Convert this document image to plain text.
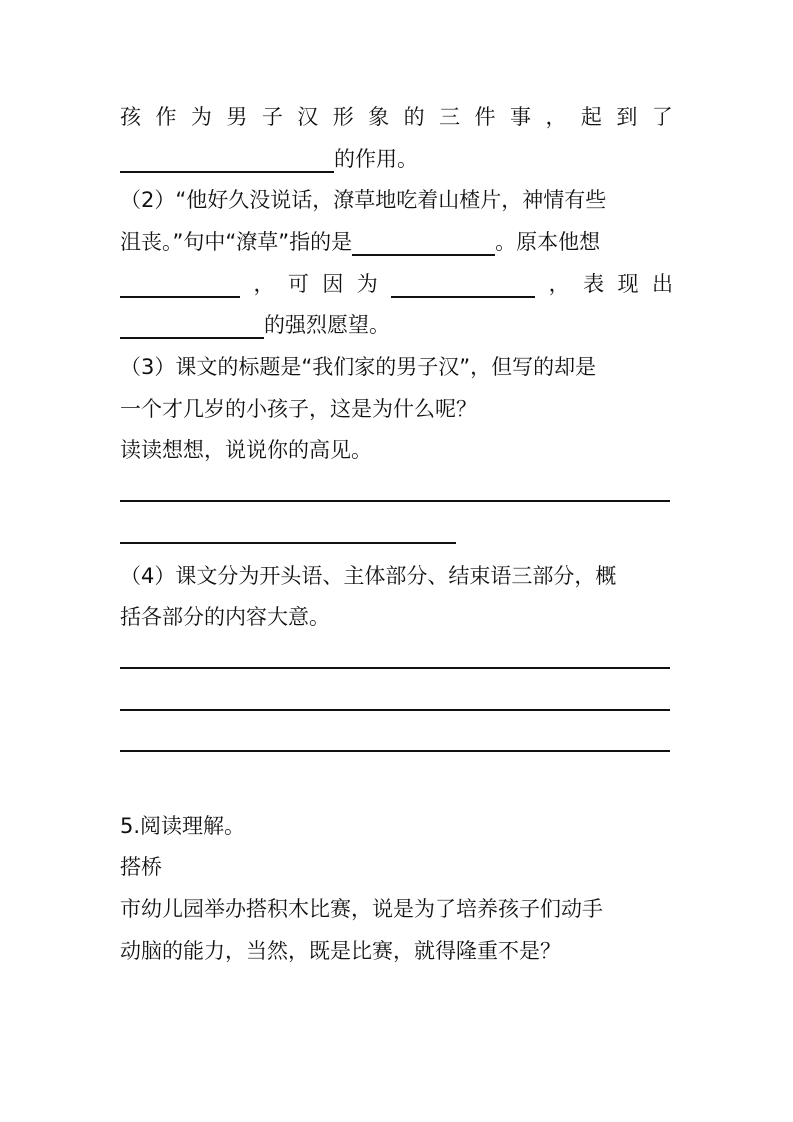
孩 作 为 男 子 汉 形 象 的 三 件 事 ， 起 到 了
的作用。
（2）“他好久没说话，潦草地吃着山楂片，神情有些
沮丧。”句中“潦草”指的是	。原本他想
， 可 因 为	， 表 现 出
的强烈愿望。
（3）课文的标题是“我们家的男子汉”，但写的却是
一个才几岁的小孩子，这是为什么呢？
读读想想，说说你的高见。
（4）课文分为开头语、主体部分、结束语三部分，概
括各部分的内容大意。
5.阅读理解。
搭桥
市幼儿园举办搭积木比赛，说是为了培养孩子们动手
动脑的能力，当然，既是比赛，就得隆重不是？
